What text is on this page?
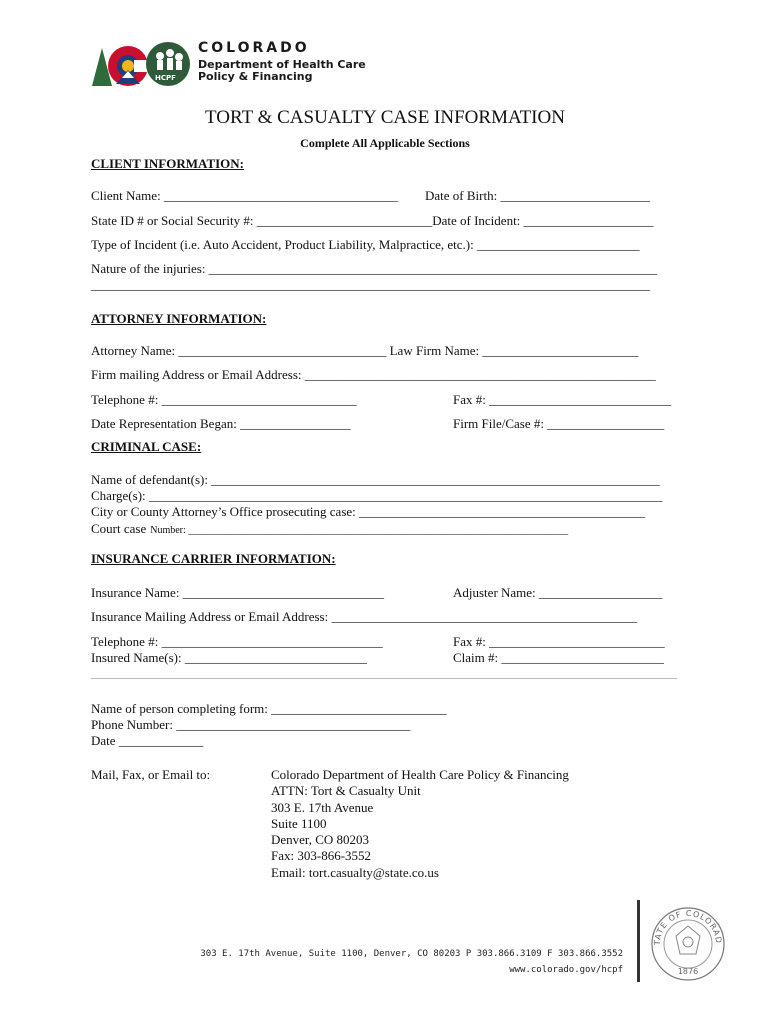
HCPF
COLORADO
Department of Health Care
Policy & Financing
TORT & CASUALTY CASE INFORMATION
Complete All Applicable Sections
CLIENT INFORMATION:
Client Name: ____________________________________ Date of Birth: _______________________
State ID # or Social Security #: ___________________________Date of Incident: ____________________
Type of Incident (i.e. Auto Accident, Product Liability, Malpractice, etc.): _________________________
Nature of the injuries: _____________________________________________________________________
______________________________________________________________________________________
ATTORNEY INFORMATION:
Attorney Name: ________________________________ Law Firm Name: ________________________
Firm mailing Address or Email Address: ______________________________________________________
Telephone #: ______________________________	Fax #: ____________________________
Date Representation Began: _________________	Firm File/Case #: __________________
CRIMINAL CASE:
Name of defendant(s): _____________________________________________________________________
Charge(s): _______________________________________________________________________________
City or County Attorney’s Office prosecuting case: ____________________________________________
Court case Number: ____________________________________________________________________________
INSURANCE CARRIER INFORMATION:
Insurance Name: _______________________________	Adjuster Name: ___________________
Insurance Mailing Address or Email Address: _______________________________________________
Telephone #: __________________________________	Fax #: ___________________________
Insured Name(s): ____________________________	Claim #: _________________________
Name of person completing form: ___________________________
Phone Number: ____________________________________
Date _____________
Mail, Fax, or Email to:	Colorado Department of Health Care Policy & Financing
ATTN: Tort & Casualty Unit
303 E. 17th Avenue
Suite 1100
Denver, CO 80203
Fax: 303-866-3552
Email: tort.casualty@state.co.us
303 E. 17th Avenue, Suite 1100, Denver, CO 80203 P 303.866.3109 F 303.866.3552
www.colorado.gov/hcpf
TATE OF COLORAD
1876
